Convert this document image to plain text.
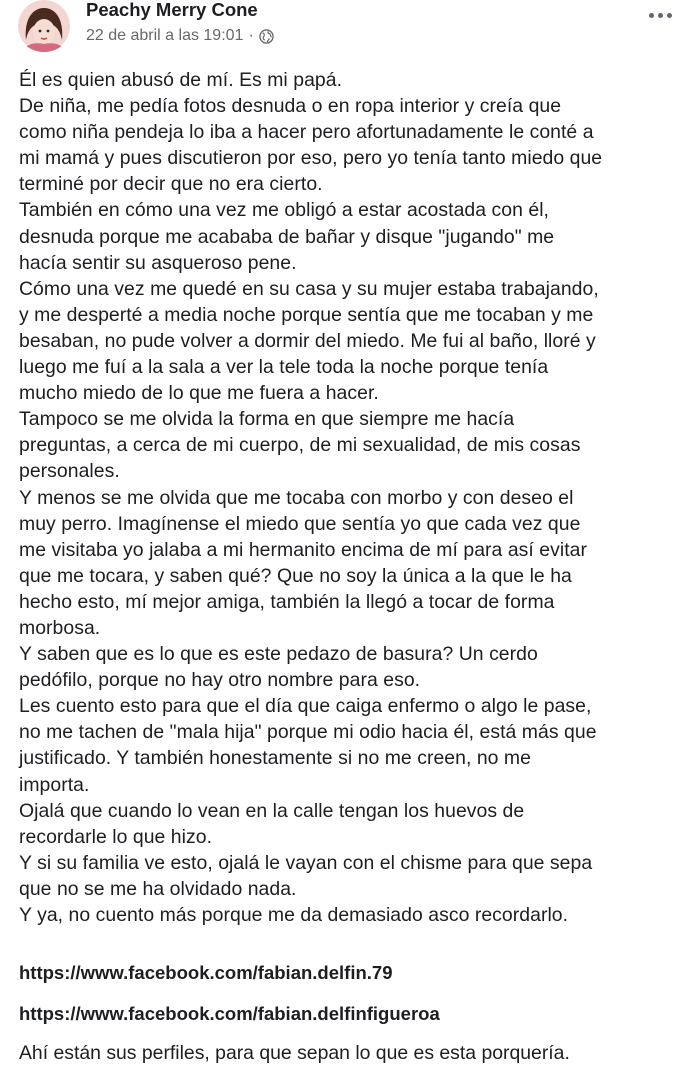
Peachy Merry Cone
22 de abril a las 19:01 ·

Él es quien abusó de mí. Es mi papá.

De niña, me pedía fotos desnuda o en ropa interior y creía que

como niña pendeja lo iba a hacer pero afortunadamente le conté a

mi mamá y pues discutieron por eso, pero yo tenía tanto miedo que

terminé por decir que no era cierto.

También en cómo una vez me obligó a estar acostada con él,

desnuda porque me acababa de bañar y disque "jugando" me

hacía sentir su asqueroso pene.

Cómo una vez me quedé en su casa y su mujer estaba trabajando,

y me desperté a media noche porque sentía que me tocaban y me

besaban, no pude volver a dormir del miedo. Me fui al baño, lloré y

luego me fuí a la sala a ver la tele toda la noche porque tenía

mucho miedo de lo que me fuera a hacer.

Tampoco se me olvida la forma en que siempre me hacía

preguntas, a cerca de mi cuerpo, de mi sexualidad, de mis cosas

personales.

Y menos se me olvida que me tocaba con morbo y con deseo el

muy perro. Imagínense el miedo que sentía yo que cada vez que

me visitaba yo jalaba a mi hermanito encima de mí para así evitar

que me tocara, y saben qué? Que no soy la única a la que le ha

hecho esto, mí mejor amiga, también la llegó a tocar de forma

morbosa.

Y saben que es lo que es este pedazo de basura? Un cerdo

pedófilo, porque no hay otro nombre para eso.

Les cuento esto para que el día que caiga enfermo o algo le pase,

no me tachen de "mala hija" porque mi odio hacia él, está más que

justificado. Y también honestamente si no me creen, no me

importa.

Ojalá que cuando lo vean en la calle tengan los huevos de

recordarle lo que hizo.

Y si su familia ve esto, ojalá le vayan con el chisme para que sepa

que no se me ha olvidado nada.

Y ya, no cuento más porque me da demasiado asco recordarlo.

https://www.facebook.com/fabian.delfin.79
https://www.facebook.com/fabian.delfinfigueroa
Ahí están sus perfiles, para que sepan lo que es esta porquería.
